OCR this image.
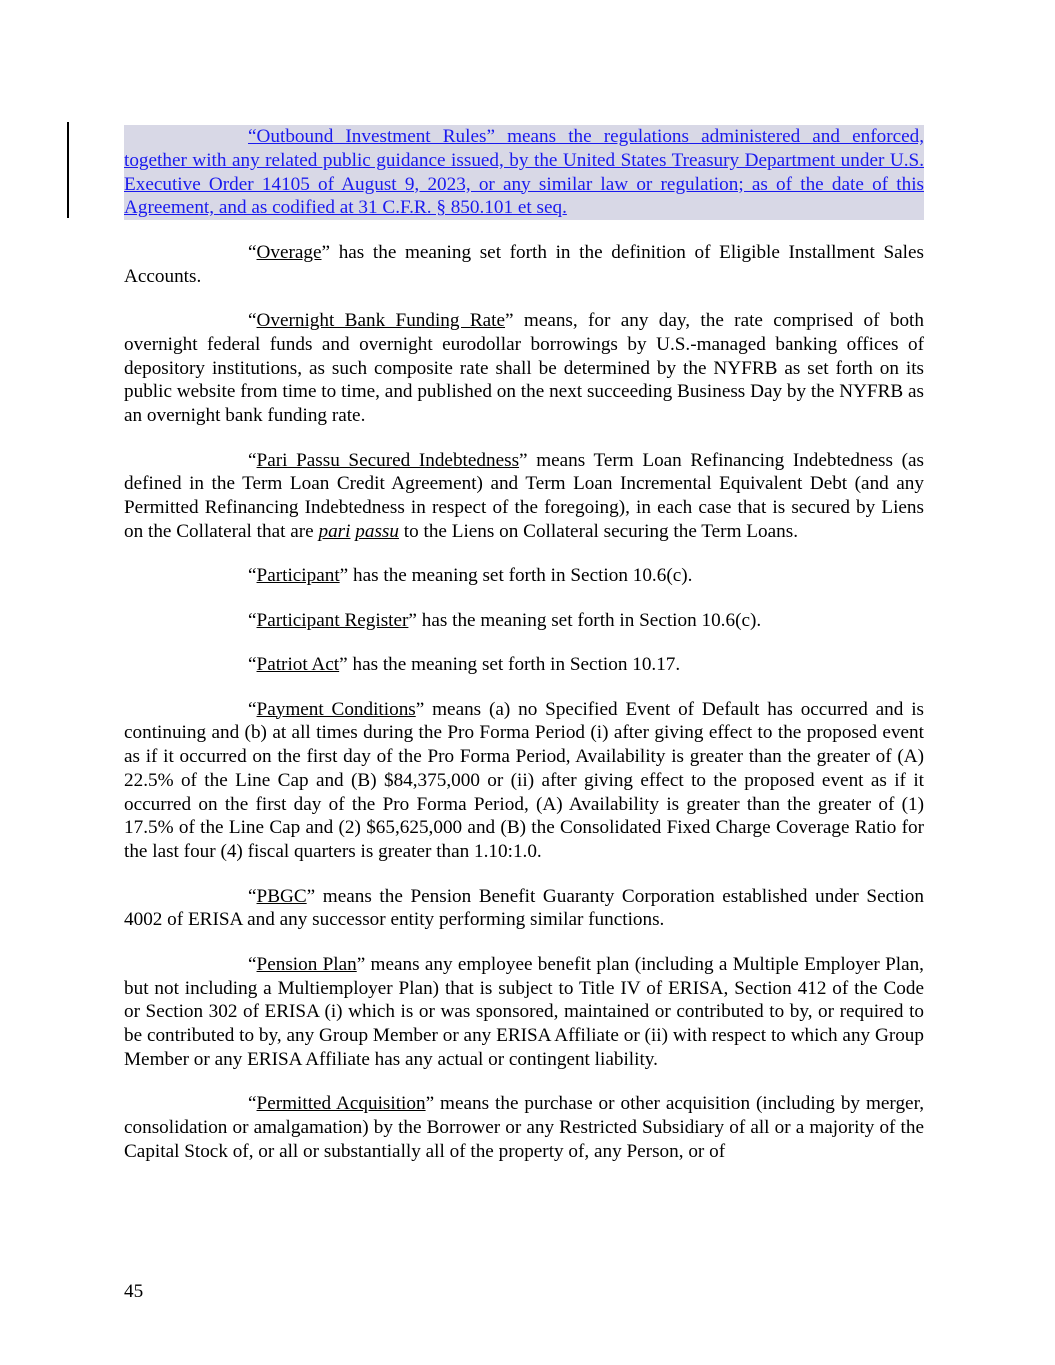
“Outbound Investment Rules” means the regulations administered and enforced, together with any related public guidance issued, by the United States Treasury Department under U.S. Executive Order 14105 of August 9, 2023, or any similar law or regulation; as of the date of this Agreement, and as codified at 31 C.F.R. § 850.101 et seq.

“Overage” has the meaning set forth in the definition of Eligible Installment Sales Accounts.

“Overnight Bank Funding Rate” means, for any day, the rate comprised of both overnight federal funds and overnight eurodollar borrowings by U.S.-managed banking offices of depository institutions, as such composite rate shall be determined by the NYFRB as set forth on its public website from time to time, and published on the next succeeding Business Day by the NYFRB as an overnight bank funding rate.

“Pari Passu Secured Indebtedness” means Term Loan Refinancing Indebtedness (as defined in the Term Loan Credit Agreement) and Term Loan Incremental Equivalent Debt (and any Permitted Refinancing Indebtedness in respect of the foregoing), in each case that is secured by Liens on the Collateral that are pari passu to the Liens on Collateral securing the Term Loans.

“Participant” has the meaning set forth in Section 10.6(c).

“Participant Register” has the meaning set forth in Section 10.6(c).

“Patriot Act” has the meaning set forth in Section 10.17.

“Payment Conditions” means (a) no Specified Event of Default has occurred and is continuing and (b) at all times during the Pro Forma Period (i) after giving effect to the proposed event as if it occurred on the first day of the Pro Forma Period, Availability is greater than the greater of (A) 22.5% of the Line Cap and (B) $84,375,000 or (ii) after giving effect to the proposed event as if it occurred on the first day of the Pro Forma Period, (A) Availability is greater than the greater of (1) 17.5% of the Line Cap and (2) $65,625,000 and (B) the Consolidated Fixed Charge Coverage Ratio for the last four (4) fiscal quarters is greater than 1.10:1.0.

“PBGC” means the Pension Benefit Guaranty Corporation established under Section 4002 of ERISA and any successor entity performing similar functions.

“Pension Plan” means any employee benefit plan (including a Multiple Employer Plan, but not including a Multiemployer Plan) that is subject to Title IV of ERISA, Section 412 of the Code or Section 302 of ERISA (i) which is or was sponsored, maintained or contributed to by, or required to be contributed to by, any Group Member or any ERISA Affiliate or (ii) with respect to which any Group Member or any ERISA Affiliate has any actual or contingent liability.

“Permitted Acquisition” means the purchase or other acquisition (including by merger, consolidation or amalgamation) by the Borrower or any Restricted Subsidiary of all or a majority of the Capital Stock of, or all or substantially all of the property of, any Person, or of

45
